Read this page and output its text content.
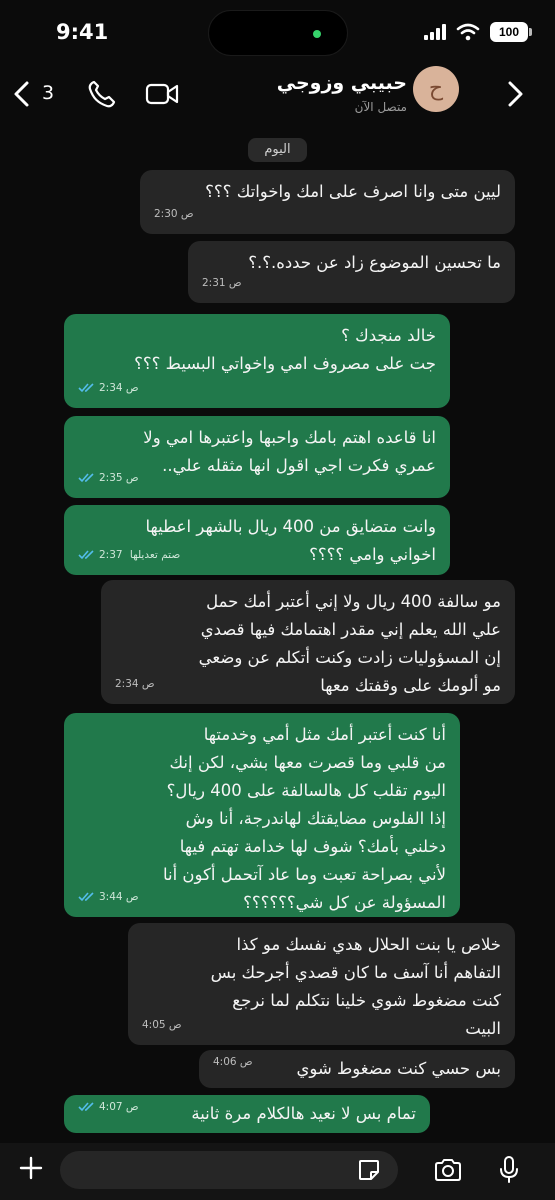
9:41	100
3	حبيبي وزوجي
متصل الآن
ح
اليوم
ليين متى وانا اصرف على امك واخواتك ؟؟؟
2:30 ص
ما تحسين الموضوع زاد عن حدده.؟.؟
2:31 ص
خالد منجدك ؟
جت على مصروف امي واخواتي البسيط ؟؟؟
2:34 ص
انا قاعده اهتم بامك واحبها واعتبرها امي ولا
عمري فكرت اجي اقول انها مثقله علي..
2:35 ص
وانت متضايق من 400 ريال بالشهر اعطيها
اخواني وامي ؟؟؟؟
2:37 صتم تعديلها
مو سالفة 400 ريال ولا إني أعتبر أمك حمل
علي الله يعلم إني مقدر اهتمامك فيها قصدي
إن المسؤوليات زادت وكنت أتكلم عن وضعي
مو ألومك على وقفتك معها
2:34 ص
أنا كنت أعتبر أمك مثل أمي وخدمتها
من قلبي وما قصرت معها بشي، لكن إنك
اليوم تقلب كل هالسالفة على 400 ريال؟
إذا الفلوس مضايقتك لهاندرجة، أنا وش
دخلني بأمك؟ شوف لها خدامة تهتم فيها
لأني بصراحة تعبت وما عاد آتحمل أكون أنا
المسؤولة عن كل شي؟؟؟؟؟؟
3:44 ص
خلاص يا بنت الحلال هدي نفسك مو كذا
التفاهم أنا آسف ما كان قصدي أجرحك بس
كنت مضغوط شوي خلينا نتكلم لما نرجع
البيت
4:05 ص
بس حسي كنت مضغوط شوي
4:06 ص
تمام بس لا نعيد هالكلام مرة ثانية
4:07 ص
